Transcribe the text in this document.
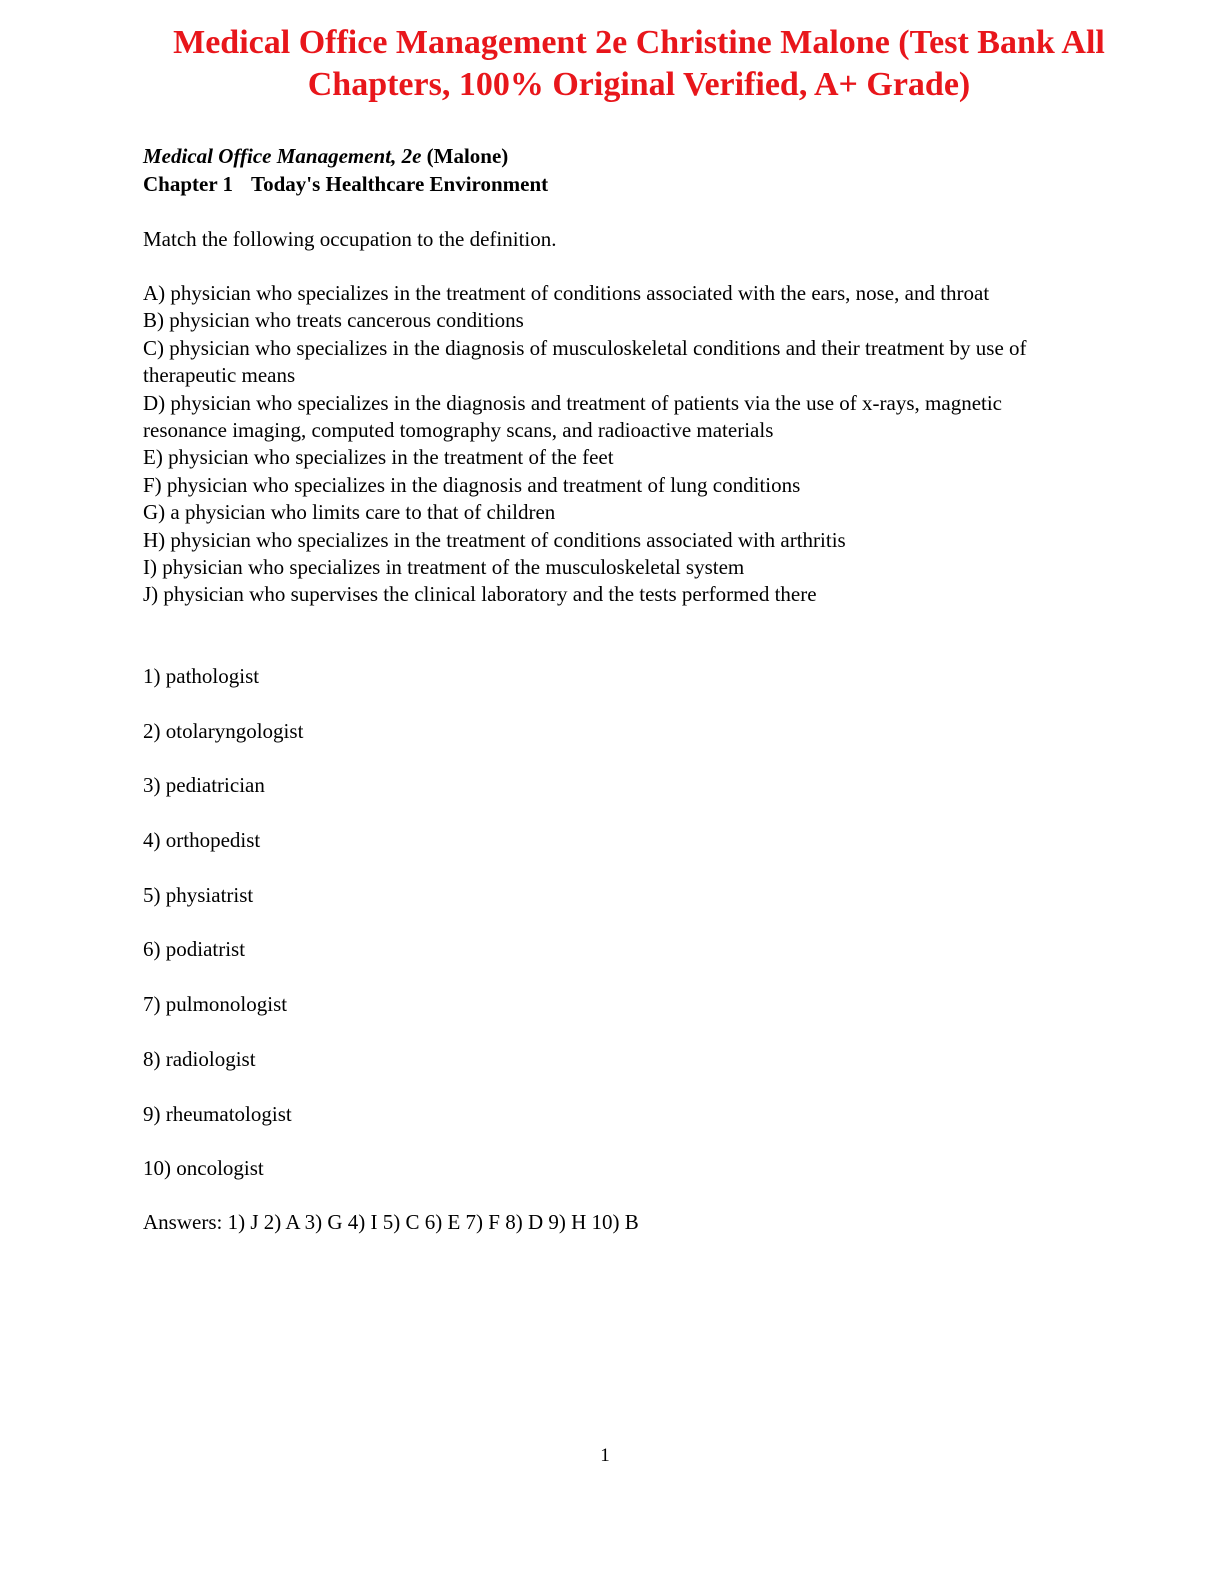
Medical Office Management 2e Christine Malone (Test Bank All
Chapters, 100% Original Verified, A+ Grade)

Medical Office Management, 2e (Malone)

Chapter 1 Today's Healthcare Environment

Match the following occupation to the definition.

A) physician who specializes in the treatment of conditions associated with the ears, nose, and throat
B) physician who treats cancerous conditions
C) physician who specializes in the diagnosis of musculoskeletal conditions and their treatment by use of therapeutic means
D) physician who specializes in the diagnosis and treatment of patients via the use of x-rays, magnetic resonance imaging, computed tomography scans, and radioactive materials
E) physician who specializes in the treatment of the feet
F) physician who specializes in the diagnosis and treatment of lung conditions
G) a physician who limits care to that of children
H) physician who specializes in the treatment of conditions associated with arthritis
I) physician who specializes in treatment of the musculoskeletal system
J) physician who supervises the clinical laboratory and the tests performed there
1) pathologist
2) otolaryngologist
3) pediatrician
4) orthopedist
5) physiatrist
6) podiatrist
7) pulmonologist
8) radiologist
9) rheumatologist
10) oncologist

Answers: 1) J 2) A 3) G 4) I 5) C 6) E 7) F 8) D 9) H 10) B

1
